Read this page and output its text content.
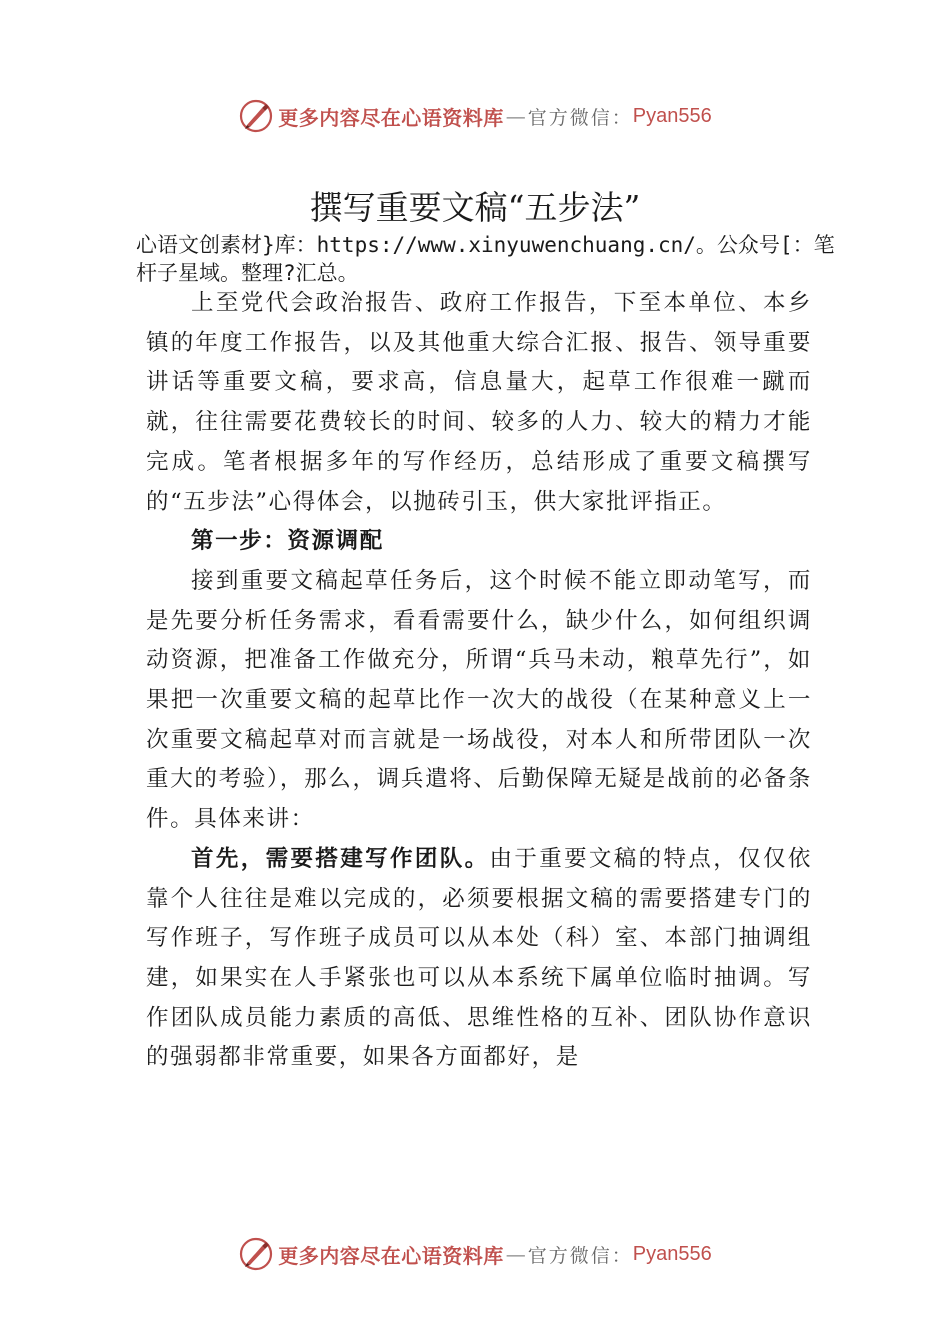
更多内容尽在心语资料库 — 官方微信： Pyan556
撰写重要文稿“五步法”
心语文创素材}库：https://www.xinyuwenchuang.cn/。公众号[：笔杆子星域。整理?汇总。

上至党代会政治报告、政府工作报告，下至本单位、本乡镇的年度工作报告，以及其他重大综合汇报、报告、领导重要讲话等重要文稿，要求高，信息量大，起草工作很难一蹴而就，往往需要花费较长的时间、较多的人力、较大的精力才能完成。笔者根据多年的写作经历，总结形成了重要文稿撰写的“五步法”心得体会，以抛砖引玉，供大家批评指正。

第一步：资源调配

接到重要文稿起草任务后，这个时候不能立即动笔写，而是先要分析任务需求，看看需要什么，缺少什么，如何组织调动资源，把准备工作做充分，所谓“兵马未动，粮草先行”，如果把一次重要文稿的起草比作一次大的战役（在某种意义上一次重要文稿起草对而言就是一场战役，对本人和所带团队一次重大的考验），那么，调兵遣将、后勤保障无疑是战前的必备条件。具体来讲：

首先，需要搭建写作团队。由于重要文稿的特点，仅仅依靠个人往往是难以完成的，必须要根据文稿的需要搭建专门的写作班子，写作班子成员可以从本处（科）室、本部门抽调组建，如果实在人手紧张也可以从本系统下属单位临时抽调。写作团队成员能力素质的高低、思维性格的互补、团队协作意识的强弱都非常重要，如果各方面都好，是

更多内容尽在心语资料库 — 官方微信： Pyan556
